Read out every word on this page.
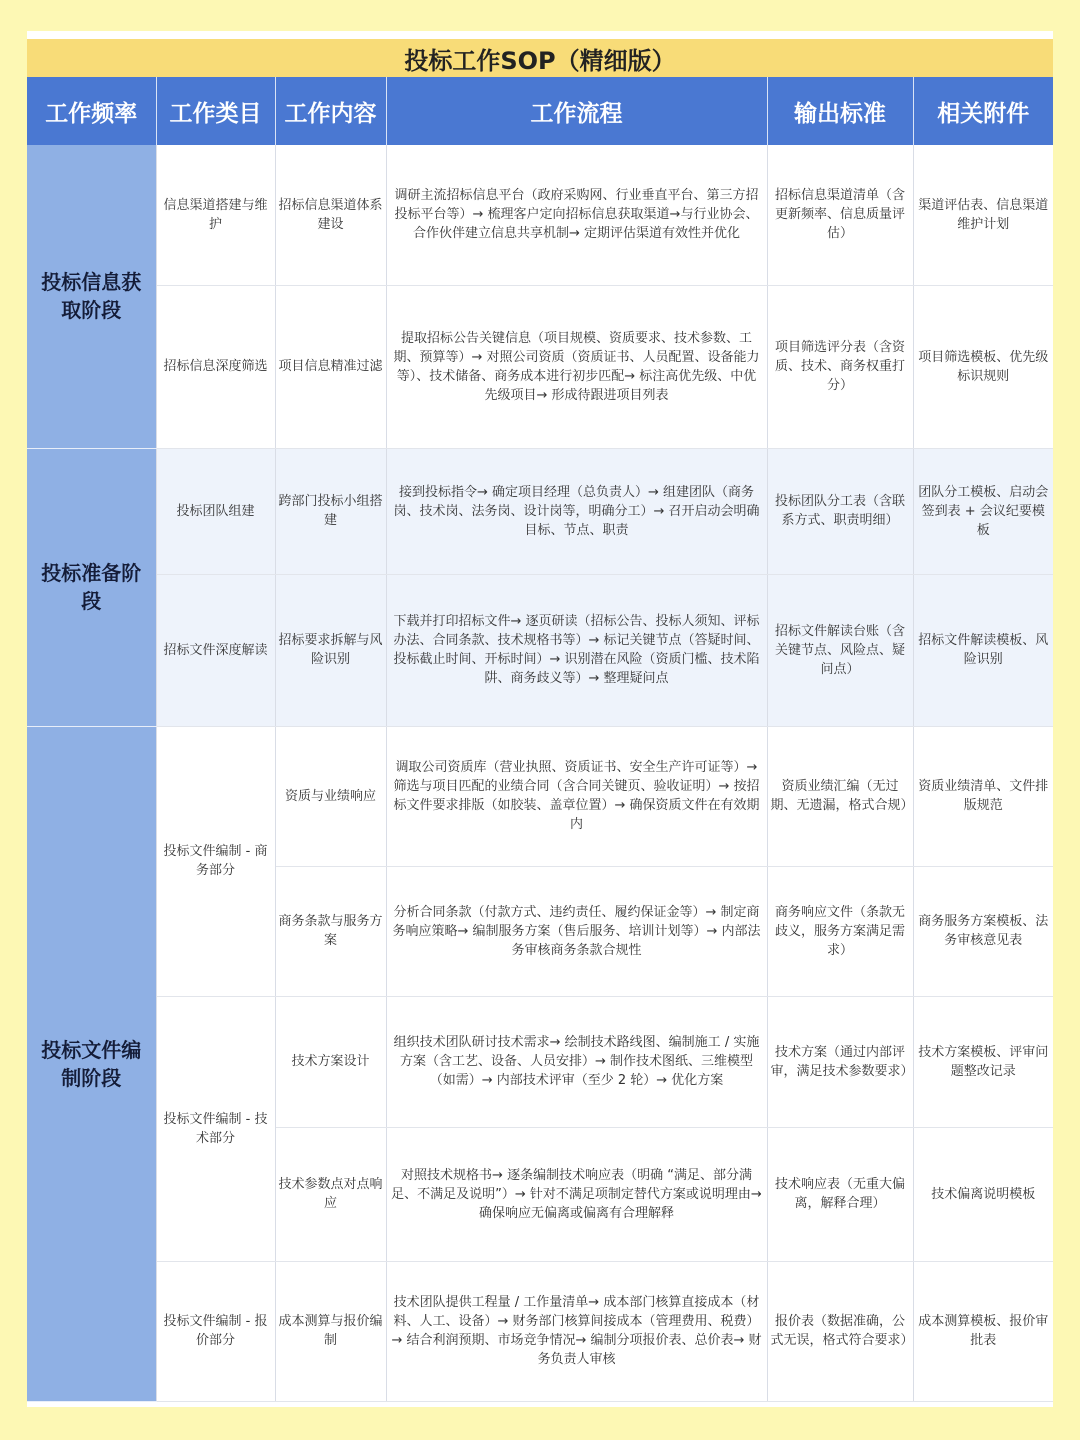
投标工作SOP（精细版）
工作频率	工作类目	工作内容	工作流程	输出标准	相关附件
投标信息获取阶段	信息渠道搭建与维护	招标信息渠道体系建设	调研主流招标信息平台（政府采购网、行业垂直平台、第三方招投标平台等）→ 梳理客户定向招标信息获取渠道→与行业协会、合作伙伴建立信息共享机制→ 定期评估渠道有效性并优化	招标信息渠道清单（含更新频率、信息质量评估）	渠道评估表、信息渠道维护计划
	招标信息深度筛选	项目信息精准过滤	提取招标公告关键信息（项目规模、资质要求、技术参数、工期、预算等）→ 对照公司资质（资质证书、人员配置、设备能力等）、技术储备、商务成本进行初步匹配→ 标注高优先级、中优先级项目→ 形成待跟进项目列表	项目筛选评分表（含资质、技术、商务权重打分）	项目筛选模板、优先级标识规则
投标准备阶段	投标团队组建	跨部门投标小组搭建	接到投标指令→ 确定项目经理（总负责人）→ 组建团队（商务岗、技术岗、法务岗、设计岗等，明确分工）→ 召开启动会明确目标、节点、职责	投标团队分工表（含联系方式、职责明细）	团队分工模板、启动会签到表 + 会议纪要模板
	招标文件深度解读	招标要求拆解与风险识别	下载并打印招标文件→ 逐页研读（招标公告、投标人须知、评标办法、合同条款、技术规格书等）→ 标记关键节点（答疑时间、投标截止时间、开标时间）→ 识别潜在风险（资质门槛、技术陷阱、商务歧义等）→ 整理疑问点	招标文件解读台账（含关键节点、风险点、疑问点）	招标文件解读模板、风险识别
投标文件编制阶段	投标文件编制 - 商务部分	资质与业绩响应	调取公司资质库（营业执照、资质证书、安全生产许可证等）→ 筛选与项目匹配的业绩合同（含合同关键页、验收证明）→ 按招标文件要求排版（如胶装、盖章位置）→ 确保资质文件在有效期内	资质业绩汇编（无过期、无遗漏，格式合规）	资质业绩清单、文件排版规范
		商务条款与服务方案	分析合同条款（付款方式、违约责任、履约保证金等）→ 制定商务响应策略→ 编制服务方案（售后服务、培训计划等）→ 内部法务审核商务条款合规性	商务响应文件（条款无歧义，服务方案满足需求）	商务服务方案模板、法务审核意见表
	投标文件编制 - 技术部分	技术方案设计	组织技术团队研讨技术需求→ 绘制技术路线图、编制施工 / 实施方案（含工艺、设备、人员安排）→ 制作技术图纸、三维模型（如需）→ 内部技术评审（至少 2 轮）→ 优化方案	技术方案（通过内部评审，满足技术参数要求）	技术方案模板、评审问题整改记录
		技术参数点对点响应	对照技术规格书→ 逐条编制技术响应表（明确 “满足、部分满足、不满足及说明”）→ 针对不满足项制定替代方案或说明理由→ 确保响应无偏离或偏离有合理解释	技术响应表（无重大偏离，解释合理）	技术偏离说明模板
	投标文件编制 - 报价部分	成本测算与报价编制	技术团队提供工程量 / 工作量清单→ 成本部门核算直接成本（材料、人工、设备）→ 财务部门核算间接成本（管理费用、税费）→ 结合利润预期、市场竞争情况→ 编制分项报价表、总价表→ 财务负责人审核	报价表（数据准确，公式无误，格式符合要求）	成本测算模板、报价审批表
